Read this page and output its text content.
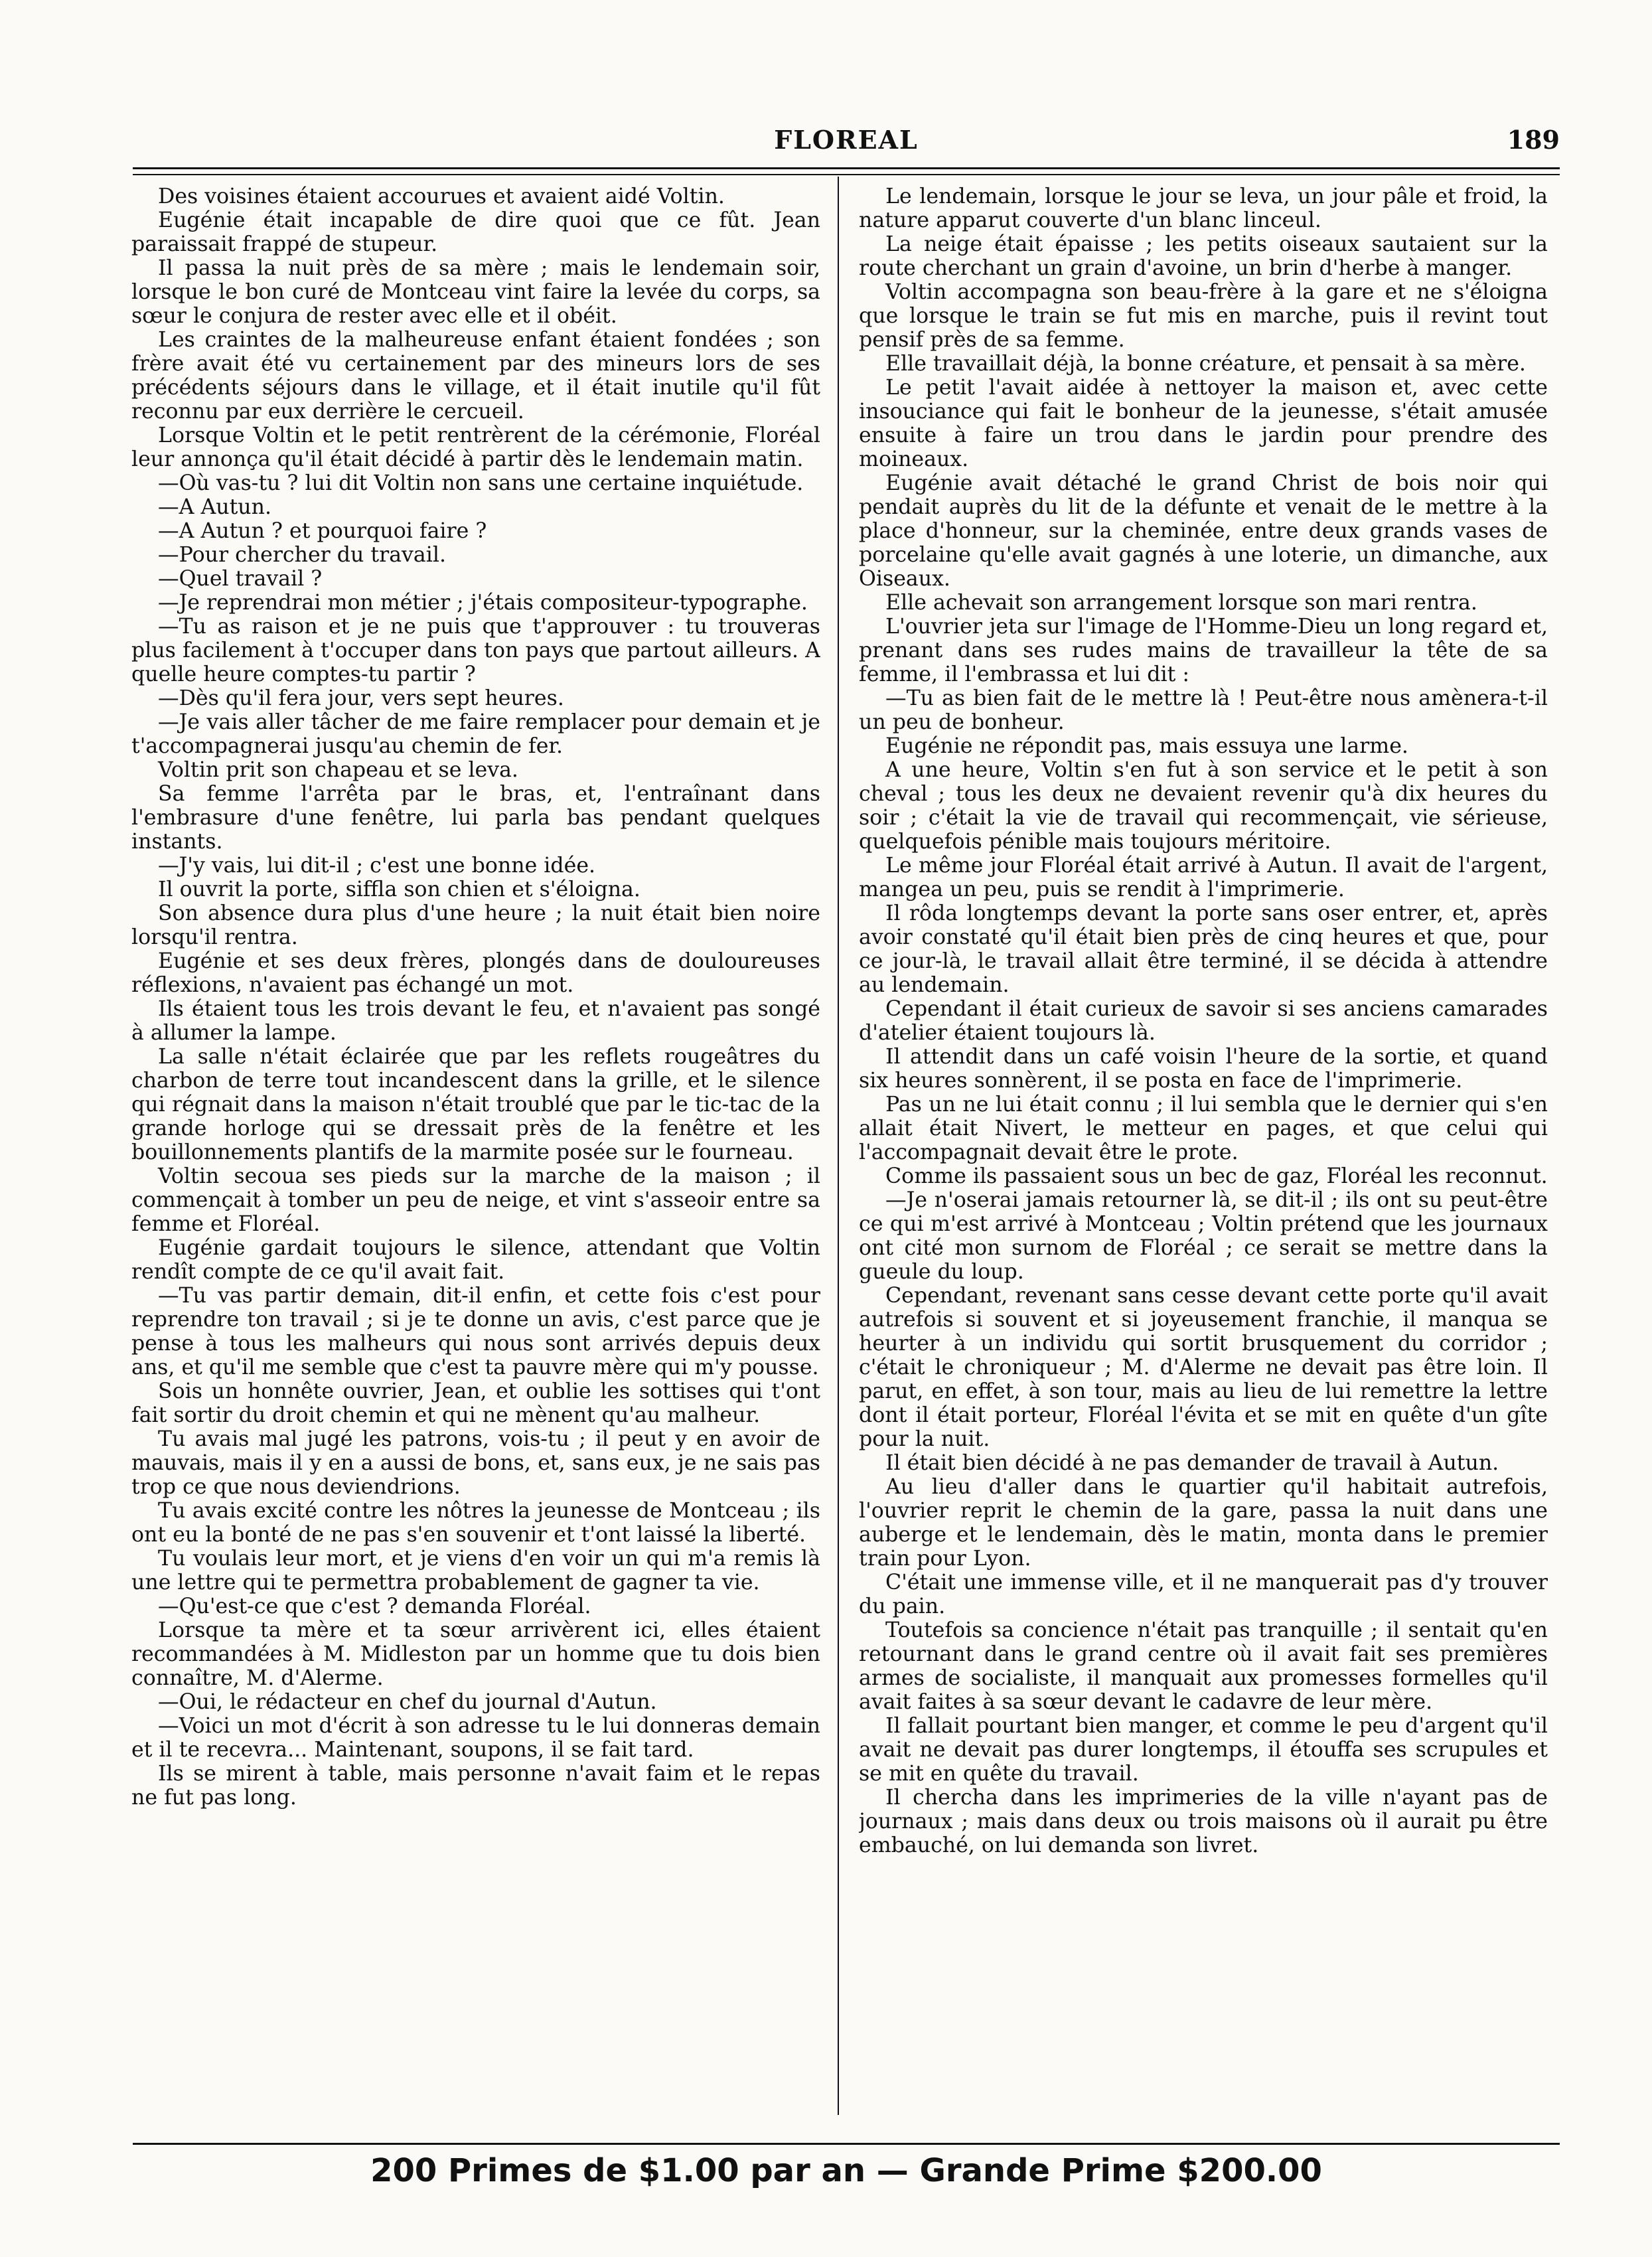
FLOREAL	189

Des voisines étaient accourues et avaient aidé Voltin.

Eugénie était incapable de dire quoi que ce fût. Jean paraissait frappé de stupeur.

Il passa la nuit près de sa mère ; mais le lendemain soir, lorsque le bon curé de Montceau vint faire la levée du corps, sa sœur le conjura de rester avec elle et il obéit.

Les craintes de la malheureuse enfant étaient fondées ; son frère avait été vu certainement par des mineurs lors de ses précédents séjours dans le village, et il était inutile qu'il fût reconnu par eux derrière le cercueil.

Lorsque Voltin et le petit rentrèrent de la cérémonie, Floréal leur annonça qu'il était décidé à partir dès le lendemain matin.

—Où vas-tu ? lui dit Voltin non sans une certaine inquiétude.

—A Autun.

—A Autun ? et pourquoi faire ?

—Pour chercher du travail.

—Quel travail ?

—Je reprendrai mon métier ; j'étais compositeur-typographe.

—Tu as raison et je ne puis que t'approuver : tu trouveras plus facilement à t'occuper dans ton pays que partout ailleurs. A quelle heure comptes-tu partir ?

—Dès qu'il fera jour, vers sept heures.

—Je vais aller tâcher de me faire remplacer pour demain et je t'accompagnerai jusqu'au chemin de fer.

Voltin prit son chapeau et se leva.

Sa femme l'arrêta par le bras, et, l'entraînant dans l'embrasure d'une fenêtre, lui parla bas pendant quelques instants.

—J'y vais, lui dit-il ; c'est une bonne idée.

Il ouvrit la porte, siffla son chien et s'éloigna.

Son absence dura plus d'une heure ; la nuit était bien noire lorsqu'il rentra.

Eugénie et ses deux frères, plongés dans de douloureuses réflexions, n'avaient pas échangé un mot.

Ils étaient tous les trois devant le feu, et n'avaient pas songé à allumer la lampe.

La salle n'était éclairée que par les reflets rougeâtres du charbon de terre tout incandescent dans la grille, et le silence qui régnait dans la maison n'était troublé que par le tic-tac de la grande horloge qui se dressait près de la fenêtre et les bouillonnements plantifs de la marmite posée sur le fourneau.

Voltin secoua ses pieds sur la marche de la maison ; il commençait à tomber un peu de neige, et vint s'asseoir entre sa femme et Floréal.

Eugénie gardait toujours le silence, attendant que Voltin rendît compte de ce qu'il avait fait.

—Tu vas partir demain, dit-il enfin, et cette fois c'est pour reprendre ton travail ; si je te donne un avis, c'est parce que je pense à tous les malheurs qui nous sont arrivés depuis deux ans, et qu'il me semble que c'est ta pauvre mère qui m'y pousse.

Sois un honnête ouvrier, Jean, et oublie les sottises qui t'ont fait sortir du droit chemin et qui ne mènent qu'au malheur.

Tu avais mal jugé les patrons, vois-tu ; il peut y en avoir de mauvais, mais il y en a aussi de bons, et, sans eux, je ne sais pas trop ce que nous deviendrions.

Tu avais excité contre les nôtres la jeunesse de Montceau ; ils ont eu la bonté de ne pas s'en souvenir et t'ont laissé la liberté.

Tu voulais leur mort, et je viens d'en voir un qui m'a remis là une lettre qui te permettra probablement de gagner ta vie.

—Qu'est-ce que c'est ? demanda Floréal.

Lorsque ta mère et ta sœur arrivèrent ici, elles étaient recommandées à M. Midleston par un homme que tu dois bien connaître, M. d'Alerme.

—Oui, le rédacteur en chef du journal d'Autun.

—Voici un mot d'écrit à son adresse tu le lui donneras demain et il te recevra... Maintenant, soupons, il se fait tard.

Ils se mirent à table, mais personne n'avait faim et le repas ne fut pas long.

Le lendemain, lorsque le jour se leva, un jour pâle et froid, la nature apparut couverte d'un blanc linceul.

La neige était épaisse ; les petits oiseaux sautaient sur la route cherchant un grain d'avoine, un brin d'herbe à manger.

Voltin accompagna son beau-frère à la gare et ne s'éloigna que lorsque le train se fut mis en marche, puis il revint tout pensif près de sa femme.

Elle travaillait déjà, la bonne créature, et pensait à sa mère.

Le petit l'avait aidée à nettoyer la maison et, avec cette insouciance qui fait le bonheur de la jeunesse, s'était amusée ensuite à faire un trou dans le jardin pour prendre des moineaux.

Eugénie avait détaché le grand Christ de bois noir qui pendait auprès du lit de la défunte et venait de le mettre à la place d'honneur, sur la cheminée, entre deux grands vases de porcelaine qu'elle avait gagnés à une loterie, un dimanche, aux Oiseaux.

Elle achevait son arrangement lorsque son mari rentra.

L'ouvrier jeta sur l'image de l'Homme-Dieu un long regard et, prenant dans ses rudes mains de travailleur la tête de sa femme, il l'embrassa et lui dit :

—Tu as bien fait de le mettre là ! Peut-être nous amènera-t-il un peu de bonheur.

Eugénie ne répondit pas, mais essuya une larme.

A une heure, Voltin s'en fut à son service et le petit à son cheval ; tous les deux ne devaient revenir qu'à dix heures du soir ; c'était la vie de travail qui recommençait, vie sérieuse, quelquefois pénible mais toujours méritoire.

Le même jour Floréal était arrivé à Autun. Il avait de l'argent, mangea un peu, puis se rendit à l'imprimerie.

Il rôda longtemps devant la porte sans oser entrer, et, après avoir constaté qu'il était bien près de cinq heures et que, pour ce jour-là, le travail allait être terminé, il se décida à attendre au lendemain.

Cependant il était curieux de savoir si ses anciens camarades d'atelier étaient toujours là.

Il attendit dans un café voisin l'heure de la sortie, et quand six heures sonnèrent, il se posta en face de l'imprimerie.

Pas un ne lui était connu ; il lui sembla que le dernier qui s'en allait était Nivert, le metteur en pages, et que celui qui l'accompagnait devait être le prote.

Comme ils passaient sous un bec de gaz, Floréal les reconnut.

—Je n'oserai jamais retourner là, se dit-il ; ils ont su peut-être ce qui m'est arrivé à Montceau ; Voltin prétend que les journaux ont cité mon surnom de Floréal ; ce serait se mettre dans la gueule du loup.

Cependant, revenant sans cesse devant cette porte qu'il avait autrefois si souvent et si joyeusement franchie, il manqua se heurter à un individu qui sortit brusquement du corridor ; c'était le chroniqueur ; M. d'Alerme ne devait pas être loin. Il parut, en effet, à son tour, mais au lieu de lui remettre la lettre dont il était porteur, Floréal l'évita et se mit en quête d'un gîte pour la nuit.

Il était bien décidé à ne pas demander de travail à Autun.

Au lieu d'aller dans le quartier qu'il habitait autrefois, l'ouvrier reprit le chemin de la gare, passa la nuit dans une auberge et le lendemain, dès le matin, monta dans le premier train pour Lyon.

C'était une immense ville, et il ne manquerait pas d'y trouver du pain.

Toutefois sa concience n'était pas tranquille ; il sentait qu'en retournant dans le grand centre où il avait fait ses premières armes de socialiste, il manquait aux promesses formelles qu'il avait faites à sa sœur devant le cadavre de leur mère.

Il fallait pourtant bien manger, et comme le peu d'argent qu'il avait ne devait pas durer longtemps, il étouffa ses scrupules et se mit en quête du travail.

Il chercha dans les imprimeries de la ville n'ayant pas de journaux ; mais dans deux ou trois maisons où il aurait pu être embauché, on lui demanda son livret.

200 Primes de $1.00 par an — Grande Prime $200.00
